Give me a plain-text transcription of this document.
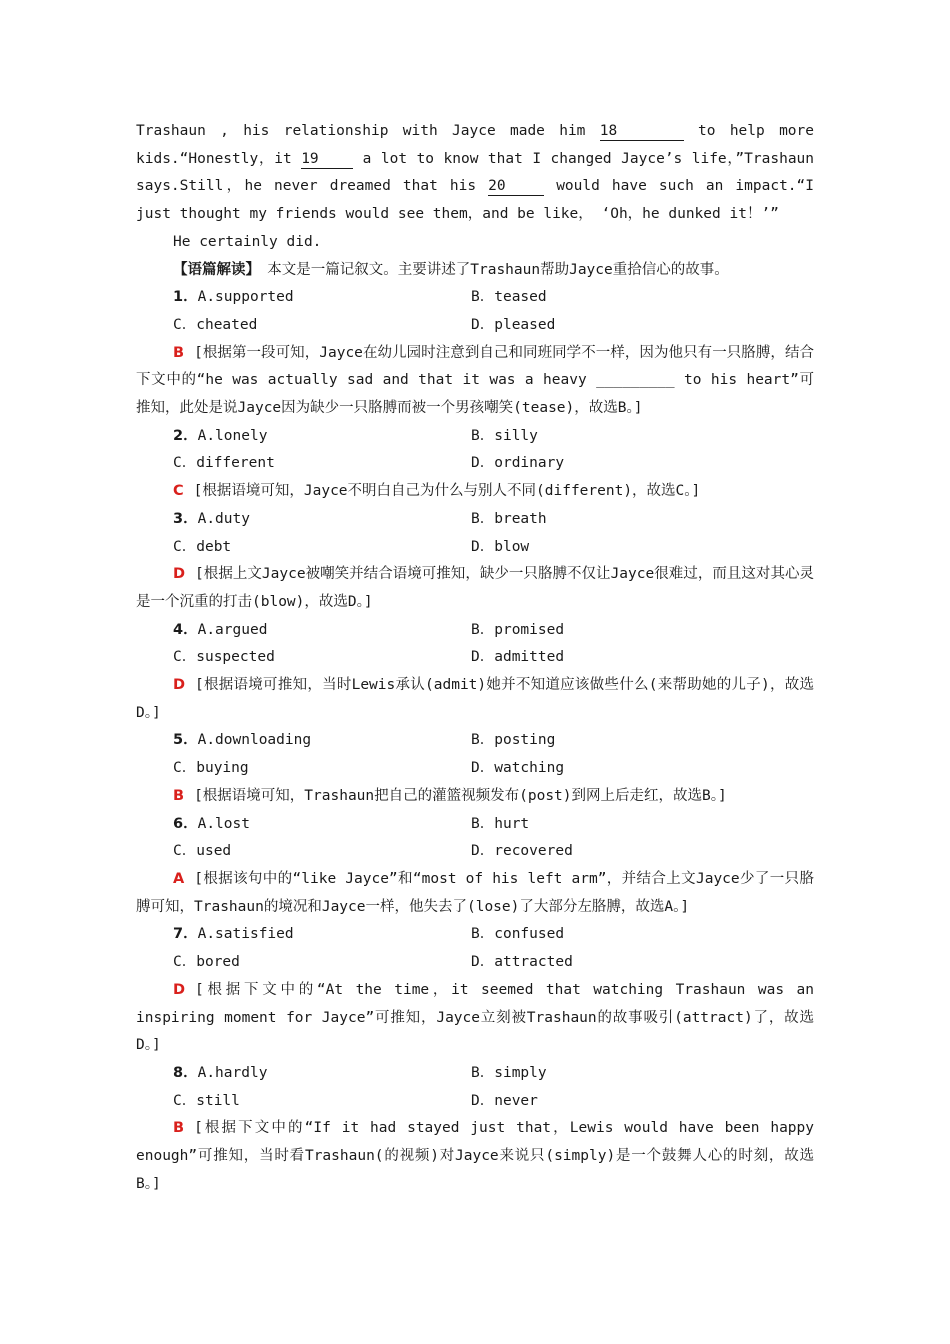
Trashaun , his relationship with Jayce made him 18	to help more kids.“Honestly，it 19 a lot to know that I changed Jayce’s life，”Trashaun says.Still，he never dreamed that his 20	would have such an impact.“I just thought my friends would see them，and be like， ‘Oh，he dunked it！’”

He certainly did.

【语篇解读】　本文是一篇记叙文。主要讲述了Trashaun帮助Jayce重拾信心的故事。

1．A.supported	B．teased
C．cheated	D．pleased

B [根据第一段可知，Jayce在幼儿园时注意到自己和同班同学不一样，因为他只有一只胳膊，结合下文中的“he was actually sad and that it was a heavy _________ to his heart”可推知，此处是说Jayce因为缺少一只胳膊而被一个男孩嘲笑(tease)，故选B。]

2．A.lonely	B．silly
C．different	D．ordinary

C [根据语境可知，Jayce不明白自己为什么与别人不同(different)，故选C。]

3．A.duty	B．breath
C．debt	D．blow

D [根据上文Jayce被嘲笑并结合语境可推知，缺少一只胳膊不仅让Jayce很难过，而且这对其心灵是一个沉重的打击(blow)，故选D。]

4．A.argued	B．promised
C．suspected	D．admitted

D [根据语境可推知，当时Lewis承认(admit)她并不知道应该做些什么(来帮助她的儿子)，故选D。]

5．A.downloading	B．posting
C．buying	D．watching

B [根据语境可知，Trashaun把自己的灌篮视频发布(post)到网上后走红，故选B。]

6．A.lost	B．hurt
C．used	D．recovered

A [根据该句中的“like Jayce”和“most of his left arm”，并结合上文Jayce少了一只胳膊可知，Trashaun的境况和Jayce一样，他失去了(lose)了大部分左胳膊，故选A。]

7．A.satisfied	B．confused
C．bored	D．attracted

D [根据下文中的“At the time，it seemed that watching Trashaun was an inspiring moment for Jayce”可推知，Jayce立刻被Trashaun的故事吸引(attract)了，故选D。]

8．A.hardly	B．simply
C．still	D．never

B [根据下文中的“If it had stayed just that，Lewis would have been happy enough”可推知，当时看Trashaun(的视频)对Jayce来说只(simply)是一个鼓舞人心的时刻，故选B。]
